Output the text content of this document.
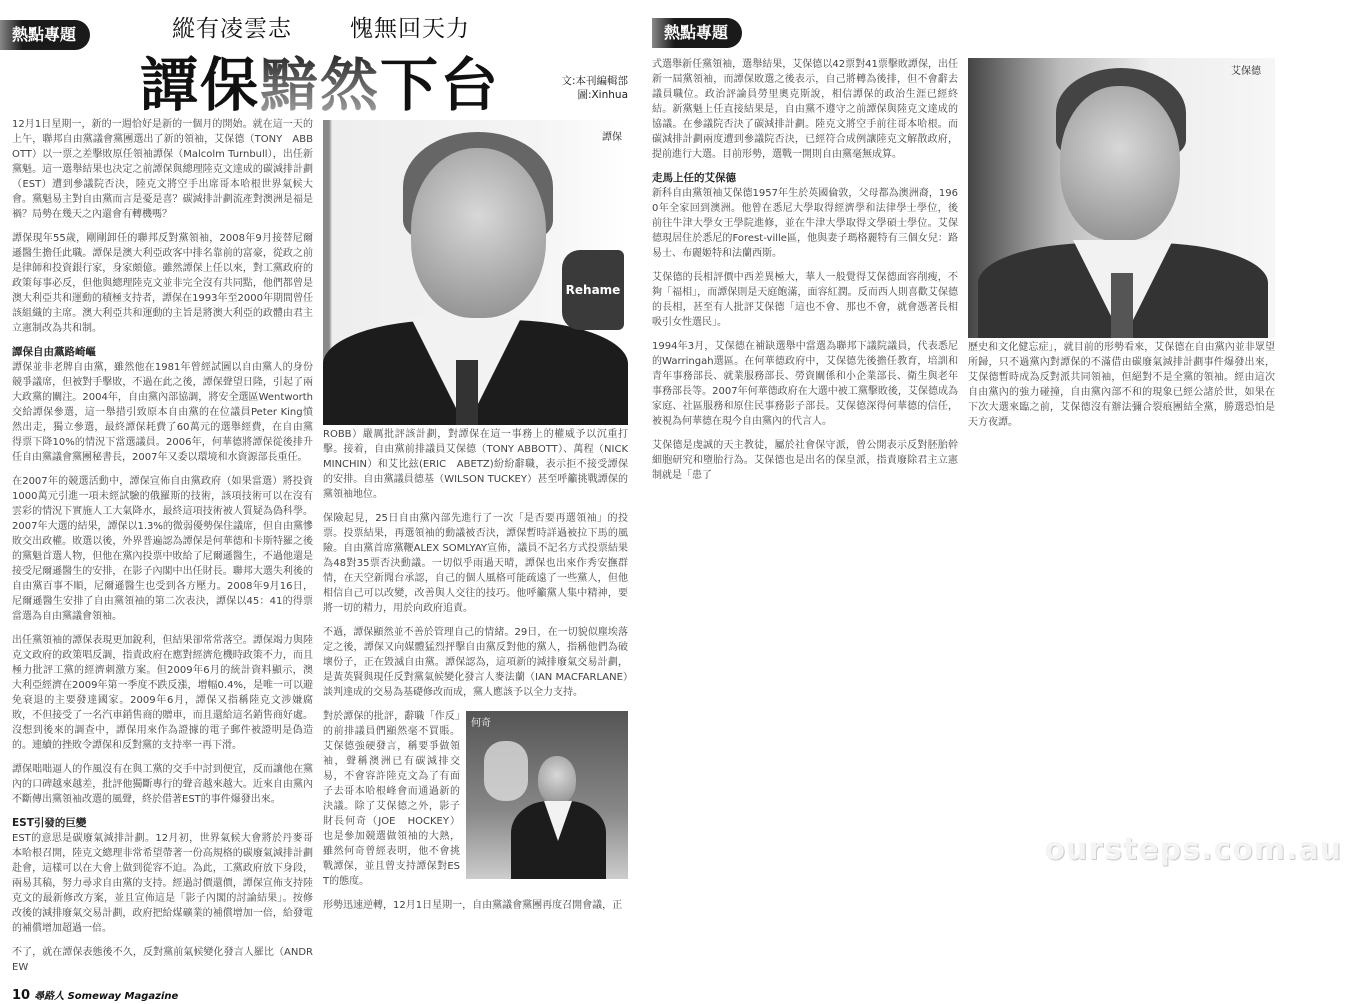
熱點專題	縱有凌雲志	愧無回天力
譚保黯然下台	文:本刊編輯部
圖:Xinhua

12月1日星期一，新的一週恰好是新的一個月的開始。就在這一天的上午，聯邦自由黨議會黨團選出了新的領袖，艾保德（TONY　ABBOTT）以一票之差擊敗原任領袖譚保（Malcolm Turnbull），出任新黨魁。這一選舉結果也決定之前譚保與總理陸克文達成的碳減排計劃（EST）遭到參議院否決，陸克文將空手出席哥本哈根世界氣候大會。黨魁易主對自由黨而言是憂是喜？碳減排計劃流產對澳洲是福是禍？局勢在幾天之內還會有轉機嗎？

譚保現年55歲，剛剛卸任的聯邦反對黨領袖，2008年9月接替尼爾遜醫生擔任此職。譚保是澳大利亞政客中排名靠前的富豪，從政之前是律師和投資銀行家，身家頗億。雖然譚保上任以來，對工黨政府的政策每事必反，但他與總理陸克文並非完全沒有共同點，他們都曾是澳大利亞共和運動的積極支持者，譚保在1993年至2000年期間曾任該組織的主席。澳大利亞共和運動的主旨是將澳大利亞的政體由君主立憲制改為共和制。

譚保自由黨路崎嶇

譚保並非老牌自由黨，雖然他在1981年曾經試圖以自由黨人的身份競爭議席，但被對手擊敗，不過在此之後，譚保聲望日隆，引起了兩大政黨的關注。2004年，自由黨內部協調，將安全選區Wentworth交給譚保參選，這一舉措引致原本自由黨的在位議員Peter King憤然出走，獨立參選，最終譚保耗費了60萬元的選舉經費，在自由黨得票下降10%的情況下當選議員。2006年，何華德將譚保從後排升任自由黨議會黨團秘書長，2007年又委以環境和水資源部長重任。

在2007年的競選活動中，譚保宣佈自由黨政府（如果當選）將投資1000萬元引進一項未經試驗的俄羅斯的技術，該項技術可以在沒有雲彩的情況下實施人工大氣降水，最終這項技術被人質疑為偽科學。2007年大選的結果，譚保以1.3%的微弱優勢保住議席，但自由黨慘敗交出政權。敗選以後，外界普遍認為譚保是何華德和卡斯特羅之後的黨魁首選人物，但他在黨內投票中敗給了尼爾遜醫生，不過他還是接受尼爾遜醫生的安排，在影子內閣中出任財長。聯邦大選失利後的自由黨百事不順，尼爾遜醫生也受到各方壓力。2008年9月16日，尼爾遜醫生安排了自由黨領袖的第二次表決，譚保以45：41的得票當選為自由黨議會領袖。

出任黨領袖的譚保表現更加銳利，但結果卻常常落空。譚保竭力與陸克文政府的政策唱反調，指責政府在應對經濟危機時政策不力，而且極力批評工黨的經濟刺激方案。但2009年6月的統計資料顯示，澳大利亞經濟在2009年第一季度不跌反漲，增幅0.4%，是唯一可以避免衰退的主要發達國家。2009年6月，譚保又指稱陸克文涉嫌腐敗，不但接受了一名汽車銷售商的贈車，而且還給這名銷售商好處。沒想到後來的調查中，譚保用來作為證據的電子郵件被證明是偽造的。連續的挫敗令譚保和反對黨的支持率一再下滑。

譚保咄咄逼人的作風沒有在與工黨的交手中討到便宜，反而讓他在黨內的口碑越來越差，批評他獨斷專行的聲音越來越大。近來自由黨內不斷傳出黨領袖改選的風聲，終於借著EST的事件爆發出來。

EST引發的巨變

EST的意思是碳廢氣減排計劃。12月初，世界氣候大會將於丹麥哥本哈根召開，陸克文總理非常希望帶著一份高規格的碳廢氣減排計劃赴會，這樣可以在大會上做到從容不迫。為此，工黨政府放下身段，兩易其稿，努力尋求自由黨的支持。經過討價還價，譚保宣佈支持陸克文的最新修改方案，並且宣佈這是「影子內閣的討論結果」。按修改後的減排廢氣交易計劃，政府把給煤礦業的補償增加一倍，給發電的補償增加超過一倍。

不了，就在譚保表態後不久，反對黨前氣候變化發言人羅比（ANDREW

10 尋路人 Someway Magazine
Rehame
譚保

ROBB）嚴厲批評該計劃，對譚保在這一事務上的權威予以沉重打擊。接着，自由黨前排議員艾保德（TONY ABBOTT）、萬程（NICK MINCHIN）和艾比玆(ERIC　ABETZ)紛紛辭職，表示拒不接受譚保的安排。自由黨議員德基（WILSON TUCKEY）甚至呼籲挑戰譚保的黨領袖地位。

保險起見，25日自由黨內部先進行了一次「是否要再選領袖」的投票。投票結果，再選領袖的動議被否決，譚保暫時詳過被拉下馬的風險。自由黨首席黨鞭ALEX SOMLYAY宣佈，議員不記名方式投票結果為48對35票否決動議。一切似乎雨過天晴，譚保也出來作秀安撫群情，在天空新聞台承認，自己的個人風格可能疏遠了一些黨人，但他相信自己可以改變，改善與人交往的技巧。他呼籲黨人集中精神，要將一切的精力，用於向政府追責。

不過，譚保顯然並不善於管理自己的情緒。29日，在一切貌似塵埃落定之後，譚保又向媒體猛烈抨擊自由黨反對他的黨人，指稱他們為破壞份子，正在毀滅自由黨。譚保認為，這項新的減排廢氣交易計劃，是黃英賢與現任反對黨氣候變化發言人麥法蘭（IAN MACFARLANE）談判達成的交易為基礎修改而成，黨人應該予以全力支持。

何奇

對於譚保的批評，辭職「作反」的前排議員們顯然毫不買賬。艾保德強硬發言，稱要爭做領袖，聲稱澳洲已有碳減排交易，不會容許陸克文為了有面子去哥本哈根峰會而通過新的決議。除了艾保德之外，影子財長何奇（JOE　HOCKEY）也是參加競選做領袖的大熱，雖然何奇曾經表明，他不會挑戰譚保，並且曾支持譚保對EST的態度。

形勢迅速逆轉，12月1日星期一，自由黨議會黨團再度召開會議，正

熱點專題

式選舉新任黨領袖，選舉結果，艾保德以42票對41票擊敗譚保，出任新一屆黨領袖，而譚保敗選之後表示，自己將轉為後排，但不會辭去議員職位。政治評論員勞里奧克斯說，相信譚保的政治生涯已經終結。新黨魁上任直接結果是，自由黨不遵守之前譚保與陸克文達成的協議。在參議院否決了碳減排計劃。陸克文將空手前往哥本哈根。而碳減排計劃兩度遭到參議院否決，已經符合成例讓陸克文解散政府，提前進行大選。目前形勢，選戰一開則自由黨毫無成算。

走馬上任的艾保德

新科自由黨領袖艾保德1957年生於英國倫敦，父母都為澳洲裔，1960年全家回到澳洲。他曾在悉尼大學取得經濟學和法律學士學位，後前往牛津大學女王學院進修，並在牛津大學取得文學碩士學位。艾保德現居住於悉尼的Forest-ville區，他與妻子瑪格麗特有三個女兒：路易士、布麗姬特和法蘭西斯。

艾保德的長相評價中西差異極大，華人一般覺得艾保德面容削瘦，不夠「福相」，而譚保則是天庭飽滿，面容紅潤。反而西人則喜歡艾保德的長相，甚至有人批評艾保德「這也不會、那也不會，就會憑著長相吸引女性選民」。

1994年3月，艾保德在補缺選舉中當選為聯邦下議院議員，代表悉尼的Warringah選區。在何華德政府中，艾保德先後擔任教育，培訓和青年事務部長、就業服務部長、勞資關係和小企業部長、衛生與老年事務部長等。2007年何華德政府在大選中被工黨擊敗後，艾保德成為家庭、社區服務和原住民事務影子部長。艾保德深得何華德的信任，被視為何華德在現今自由黨內的代言人。

艾保德是虔誠的天主教徒，屬於社會保守派，曾公開表示反對胚胎幹細胞研究和墮胎行為。艾保德也是出名的保皇派，指責廢除君主立憲制就是「患了

艾保德

歷史和文化健忘症」，就目前的形勢看來，艾保德在自由黨內並非眾望所歸，只不過黨內對譚保的不滿借由碳廢氣減排計劃事件爆發出來，艾保德暫時成為反對派共同領袖，但絕對不是全黨的領袖。經由這次自由黨內的強力碰撞，自由黨內部不和的現象已經公諸於世，如果在下次大選來臨之前，艾保德沒有辦法彌合裂痕團結全黨，勝選恐怕是天方夜譚。

oursteps.com.au
